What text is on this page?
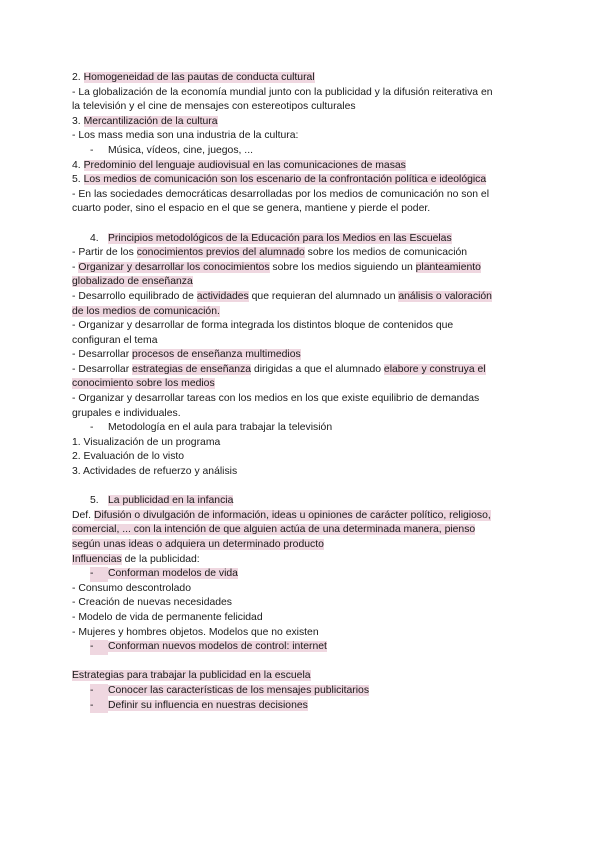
2. Homogeneidad de las pautas de conducta cultural
- La globalización de la economía mundial junto con la publicidad y la difusión reiterativa en
la televisión y el cine de mensajes con estereotipos culturales
3. Mercantilización de la cultura
- Los mass media son una industria de la cultura:
- Música, vídeos, cine, juegos, ...
4. Predominio del lenguaje audiovisual en las comunicaciones de masas
5. Los medios de comunicación son los escenario de la confrontación política e ideológica
- En las sociedades democráticas desarrolladas por los medios de comunicación no son el
cuarto poder, sino el espacio en el que se genera, mantiene y pierde el poder.
4. Principios metodológicos de la Educación para los Medios en las Escuelas
- Partir de los conocimientos previos del alumnado sobre los medios de comunicación
- Organizar y desarrollar los conocimientos sobre los medios siguiendo un planteamiento
globalizado de enseñanza
- Desarrollo equilibrado de actividades que requieran del alumnado un análisis o valoración
de los medios de comunicación.
- Organizar y desarrollar de forma integrada los distintos bloque de contenidos que
configuran el tema
- Desarrollar procesos de enseñanza multimedios
- Desarrollar estrategias de enseñanza dirigidas a que el alumnado elabore y construya el
conocimiento sobre los medios
- Organizar y desarrollar tareas con los medios en los que existe equilibrio de demandas
grupales e individuales.
- Metodología en el aula para trabajar la televisión
1. Visualización de un programa
2. Evaluación de lo visto
3. Actividades de refuerzo y análisis
5. La publicidad en la infancia
Def. Difusión o divulgación de información, ideas u opiniones de carácter político, religioso,
comercial, ... con la intención de que alguien actúa de una determinada manera, pienso
según unas ideas o adquiera un determinado producto
Influencias de la publicidad:
- Conforman modelos de vida
- Consumo descontrolado
- Creación de nuevas necesidades
- Modelo de vida de permanente felicidad
- Mujeres y hombres objetos. Modelos que no existen
- Conforman nuevos modelos de control: internet
Estrategias para trabajar la publicidad en la escuela
- Conocer las características de los mensajes publicitarios
- Definir su influencia en nuestras decisiones
